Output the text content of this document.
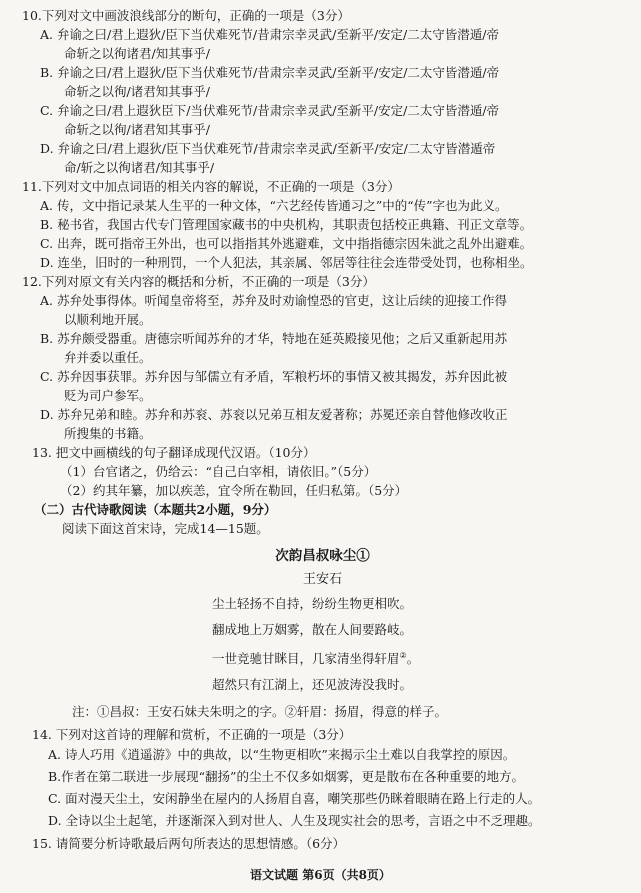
10.下列对文中画波浪线部分的断句，正确的一项是（3分）
A. 弁谕之曰/君上遐狄/臣下当伏难死节/昔肃宗幸灵武/至新平/安定/二太守皆潜遁/帝
命斩之以徇诸君/知其事乎/
B. 弁谕之曰/君上遐狄/臣下当伏难死节/昔肃宗幸灵武/至新平/安定/二太守皆潜遁/帝
命斩之以徇/诸君知其事乎/
C. 弁谕之曰/君上遐狄臣下/当伏难死节/昔肃宗幸灵武/至新平/安定/二太守皆潜遁/帝
命斩之以徇/诸君知其事乎/
D. 弁谕之曰/君上遐狄/臣下当伏难死节/昔肃宗幸灵武/至新平/安定/二太守皆潜遁帝
命/斩之以徇诸君/知其事乎/
11.下列对文中加点词语的相关内容的解说，不正确的一项是（3分）
A. 传，文中指记录某人生平的一种文体，“六艺经传皆通习之”中的“传”字也为此义。
B. 秘书省，我国古代专门管理国家藏书的中央机构，其职责包括校正典籍、刊正文章等。
C. 出奔，既可指帝王外出，也可以指指其外逃避难，文中指指德宗因朱泚之乱外出避难。
D. 连坐，旧时的一种刑罚，一个人犯法，其亲属、邻居等往往会连带受处罚，也称相坐。
12.下列对原文有关内容的概括和分析，不正确的一项是（3分）
A. 苏弁处事得体。听闻皇帝将至，苏弁及时劝谕惶恐的官吏，这让后续的迎接工作得
以顺利地开展。
B. 苏弁颇受器重。唐德宗听闻苏弁的才华，特地在延英殿接见他；之后又重新起用苏
弁并委以重任。
C. 苏弁因事获罪。苏弁因与邹儒立有矛盾，军粮朽坏的事情又被其揭发，苏弁因此被
贬为司户参军。
D. 苏弁兄弟和睦。苏弁和苏衮、苏衮以兄弟互相友爱著称；苏冕还亲自替他修改收正
所搜集的书籍。
13. 把文中画横线的句子翻译成现代汉语。（10分）
（1）台官诸之，仍给云：“自己白宰相，请依旧。”（5分）
（2）约其年纂，加以疾恙，宜令所在勒回，任归私第。（5分）
（二）古代诗歌阅读（本题共2小题，9分）
阅读下面这首宋诗，完成14—15题。
次韵昌叔咏尘①
王安石
尘土轻扬不自持，纷纷生物更相吹。
翻成地上万姻雾，散在人间要路岐。
一世竞驰甘眯目，几家清坐得轩眉②。
超然只有江湖上，还见波涛没我时。
注：①昌叔：王安石妹夫朱明之的字。②轩眉：扬眉，得意的样子。
14. 下列对这首诗的理解和赏析，不正确的一项是（3分）
A. 诗人巧用《逍遥游》中的典故，以“生物更相吹”来揭示尘土难以自我掌控的原因。
B.作者在第二联进一步展现“翻扬”的尘土不仅多如烟雾，更是散布在各种重要的地方。
C. 面对漫天尘土，安闲静坐在屋内的人扬眉自喜，嘲笑那些仍眯着眼睛在路上行走的人。
D. 全诗以尘土起笔，并逐渐深入到对世人、人生及现实社会的思考，言语之中不乏理趣。
15. 请简要分析诗歌最后两句所表达的思想情感。（6分）
语文试题 第6页（共8页）
